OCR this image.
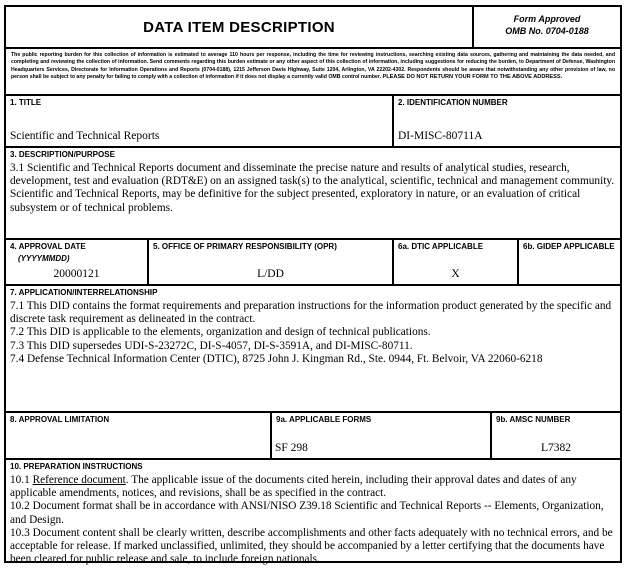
DATA ITEM DESCRIPTION	Form Approved
OMB No. 0704-0188
The public reporting burden for this collection of information is estimated to average 110 hours per response, including the time for reviewing instructions, searching existing data sources, gathering and maintaining the data needed, and completing and reviewing the collection of information. Send comments regarding this burden estimate or any other aspect of this collection of information, including suggestions for reducing the burden, to Department of Defense, Washington Headquarters Services, Directorate for Information Operations and Reports (0704-0188), 1215 Jefferson Davis Highway, Suite 1204, Arlington, VA 22202-4302. Respondents should be aware that notwithstanding any other provision of law, no person shall be subject to any penalty for failing to comply with a collection of information if it does not display a currently valid OMB control number. PLEASE DO NOT RETURN YOUR FORM TO THE ABOVE ADDRESS.
1. TITLE
Scientific and Technical Reports
2. IDENTIFICATION NUMBER
DI-MISC-80711A
3. DESCRIPTION/PURPOSE
3.1 Scientific and Technical Reports document and disseminate the precise nature and results of analytical studies, research,
development, test and evaluation (RDT&E) on an assigned task(s) to the analytical, scientific, technical and management community.
Scientific and Technical Reports, may be definitive for the subject presented, exploratory in nature, or an evaluation of critical
subsystem or of technical problems.
4. APPROVAL DATE
(YYYYMMDD)
20000121
5. OFFICE OF PRIMARY RESPONSIBILITY (OPR)
L/DD
6a. DTIC APPLICABLE
X
6b. GIDEP APPLICABLE
7. APPLICATION/INTERRELATIONSHIP
7.1 This DID contains the format requirements and preparation instructions for the information product generated by the specific and
discrete task requirement as delineated in the contract.
7.2 This DID is applicable to the elements, organization and design of technical publications.
7.3 This DID supersedes UDI-S-23272C, DI-S-4057, DI-S-3591A, and DI-MISC-80711.
7.4 Defense Technical Information Center (DTIC), 8725 John J. Kingman Rd., Ste. 0944, Ft. Belvoir, VA 22060-6218
8. APPROVAL LIMITATION	9a. APPLICABLE FORMS
SF 298
9b. AMSC NUMBER
L7382
10. PREPARATION INSTRUCTIONS
10.1 Reference document. The applicable issue of the documents cited herein, including their approval dates and dates of any
applicable amendments, notices, and revisions, shall be as specified in the contract.
10.2 Document format shall be in accordance with ANSI/NISO Z39.18 Scientific and Technical Reports -- Elements, Organization,
and Design.
10.3 Document content shall be clearly written, describe accomplishments and other facts adequately with no technical errors, and be
acceptable for release. If marked unclassified, unlimited, they should be accompanied by a letter certifying that the documents have
been cleared for public release and sale, to include foreign nationals.
